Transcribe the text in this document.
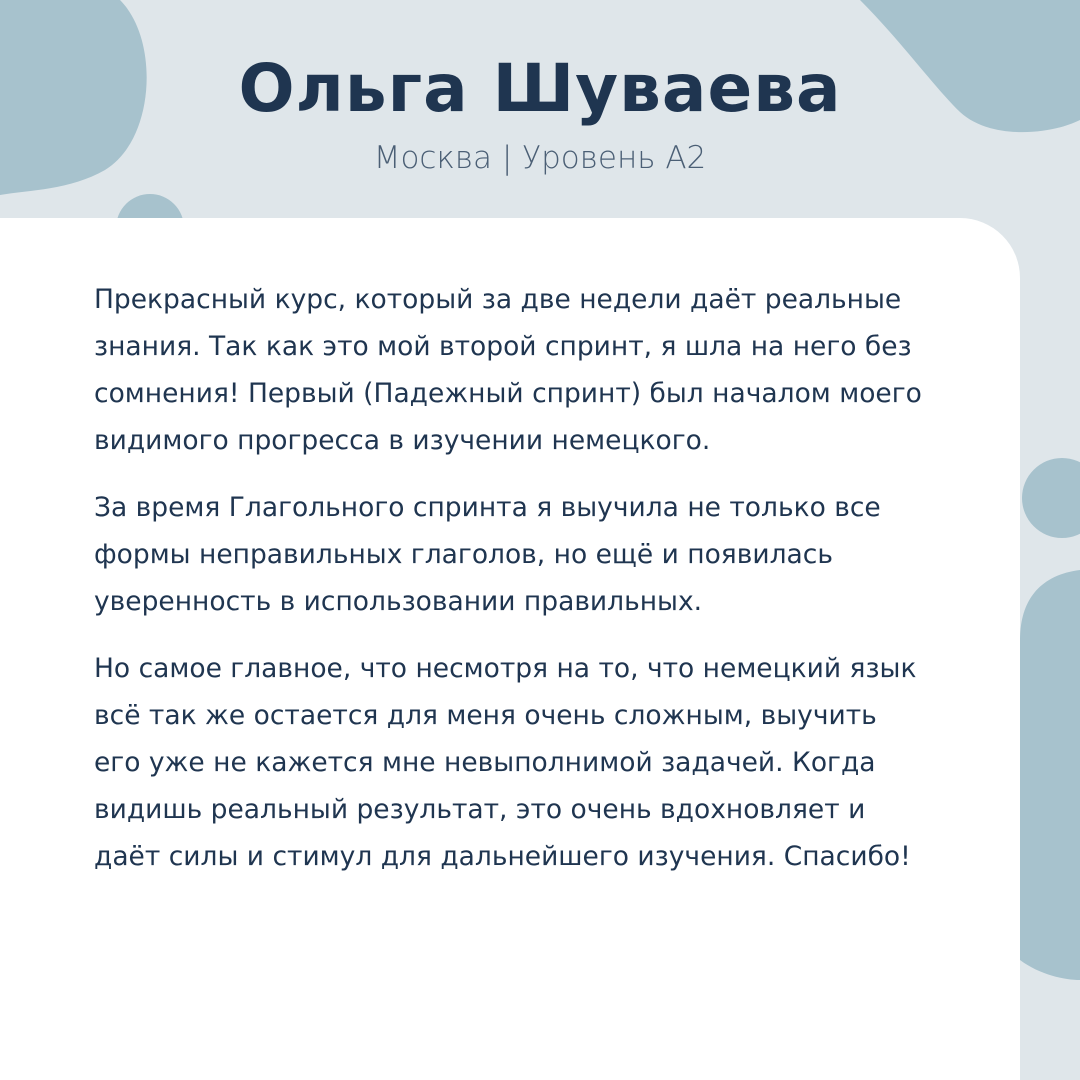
Ольга Шуваева
Москва | Уровень А2

Прекрасный курс, который за две недели даёт реальные знания. Так как это мой второй спринт, я шла на него без сомнения! Первый (Падежный спринт) был началом моего видимого прогресса в изучении немецкого.

За время Глагольного спринта я выучила не только все формы неправильных глаголов, но ещё и появилась уверенность в использовании правильных.

Но самое главное, что несмотря на то, что немецкий язык всё так же остается для меня очень сложным, выучить его уже не кажется мне невыполнимой задачей. Когда видишь реальный результат, это очень вдохновляет и даёт силы и стимул для дальнейшего изучения. Спасибо!
